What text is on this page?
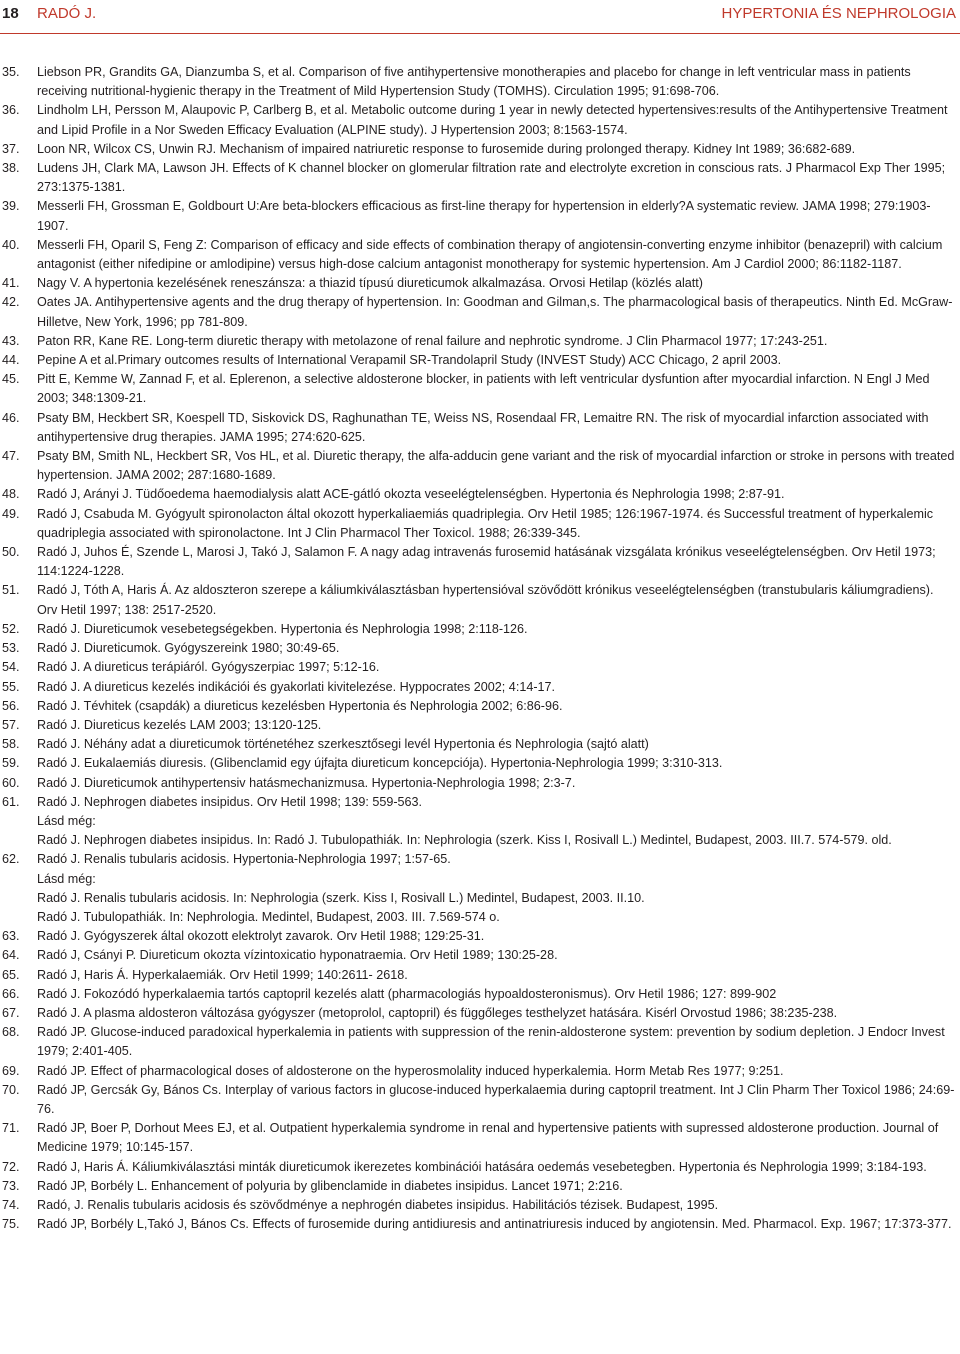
18 RADÓ J.	HYPERTONIA ÉS NEPHROLOGIA
35.	Liebson PR, Grandits GA, Dianzumba S, et al. Comparison of five antihypertensive monotherapies and placebo for change in left ventricular mass in patients receiving nutritional-hygienic therapy in the Treatment of Mild Hypertension Study (TOMHS). Circulation 1995; 91:698-706.
36.	Lindholm LH, Persson M, Alaupovic P, Carlberg B, et al. Metabolic outcome during 1 year in newly detected hypertensives:results of the Antihypertensive Treatment and Lipid Profile in a Nor Sweden Efficacy Evaluation (ALPINE study). J Hypertension 2003; 8:1563-1574.
37.	Loon NR, Wilcox CS, Unwin RJ. Mechanism of impaired natriuretic response to furosemide during prolonged therapy. Kidney Int 1989; 36:682-689.
38.	Ludens JH, Clark MA, Lawson JH. Effects of K channel blocker on glomerular filtration rate and electrolyte excretion in conscious rats. J Pharmacol Exp Ther 1995; 273:1375-1381.
39.	Messerli FH, Grossman E, Goldbourt U:Are beta-blockers efficacious as first-line therapy for hypertension in elderly?A systematic review. JAMA 1998; 279:1903-1907.
40.	Messerli FH, Oparil S, Feng Z: Comparison of efficacy and side effects of combination therapy of angiotensin-converting enzyme inhibitor (benazepril) with calcium antagonist (either nifedipine or amlodipine) versus high-dose calcium antagonist monotherapy for systemic hypertension. Am J Cardiol 2000; 86:1182-1187.
41.	Nagy V. A hypertonia kezelésének reneszánsza: a thiazid típusú diureticumok alkalmazása. Orvosi Hetilap (közlés alatt)
42.	Oates JA. Antihypertensive agents and the drug therapy of hypertension. In: Goodman and Gilman,s. The pharmacological basis of therapeutics. Ninth Ed. McGraw-Hilletve, New York, 1996; pp 781-809.
43.	Paton RR, Kane RE. Long-term diuretic therapy with metolazone of renal failure and nephrotic syndrome. J Clin Pharmacol 1977; 17:243-251.
44.	Pepine A et al.Primary outcomes results of International Verapamil SR-Trandolapril Study (INVEST Study) ACC Chicago, 2 april 2003.
45.	Pitt E, Kemme W, Zannad F, et al. Eplerenon, a selective aldosterone blocker, in patients with left ventricular dysfuntion after myocardial infarction. N Engl J Med 2003; 348:1309-21.
46.	Psaty BM, Heckbert SR, Koespell TD, Siskovick DS, Raghunathan TE, Weiss NS, Rosendaal FR, Lemaitre RN. The risk of myocardial infarction associated with antihypertensive drug therapies. JAMA 1995; 274:620-625.
47.	Psaty BM, Smith NL, Heckbert SR, Vos HL, et al. Diuretic therapy, the alfa-adducin gene variant and the risk of myocardial infarction or stroke in persons with treated hypertension. JAMA 2002; 287:1680-1689.
48.	Radó J, Arányi J. Tüdőoedema haemodialysis alatt ACE-gátló okozta veseelégtelenségben. Hypertonia és Nephrologia 1998; 2:87-91.
49.	Radó J, Csabuda M. Gyógyult spironolacton által okozott hyperkaliaemiás quadriplegia. Orv Hetil 1985; 126:1967-1974. és Successful treatment of hyperkalemic quadriplegia associated with spironolactone. Int J Clin Pharmacol Ther Toxicol. 1988; 26:339-345.
50.	Radó J, Juhos É, Szende L, Marosi J, Takó J, Salamon F. A nagy adag intravenás furosemid hatásának vizsgálata krónikus veseelégtelenségben. Orv Hetil 1973; 114:1224-1228.
51.	Radó J, Tóth A, Haris Á. Az aldoszteron szerepe a káliumkiválasztásban hypertensióval szövődött krónikus veseelégtelenségben (transtubularis káliumgradiens). Orv Hetil 1997; 138: 2517-2520.
52.	Radó J. Diureticumok vesebetegségekben. Hypertonia és Nephrologia 1998; 2:118-126.
53.	Radó J. Diureticumok. Gyógyszereink 1980; 30:49-65.
54.	Radó J. A diureticus terápiáról. Gyógyszerpiac 1997; 5:12-16.
55.	Radó J. A diureticus kezelés indikációi és gyakorlati kivitelezése. Hyppocrates 2002; 4:14-17.
56.	Radó J. Tévhitek (csapdák) a diureticus kezelésben Hypertonia és Nephrologia 2002; 6:86-96.
57.	Radó J. Diureticus kezelés LAM 2003; 13:120-125.
58.	Radó J. Néhány adat a diureticumok történetéhez szerkesztősegi levél Hypertonia és Nephrologia (sajtó alatt)
59.	Radó J. Eukalaemiás diuresis. (Glibenclamid egy újfajta diureticum koncepciója). Hypertonia-Nephrologia 1999; 3:310-313.
60.	Radó J. Diureticumok antihypertensiv hatásmechanizmusa. Hypertonia-Nephrologia 1998; 2:3-7.
61.	Radó J. Nephrogen diabetes insipidus. Orv Hetil 1998; 139: 559-563.
Lásd még:
Radó J. Nephrogen diabetes insipidus. In: Radó J. Tubulopathiák. In: Nephrologia (szerk. Kiss I, Rosivall L.) Medintel, Budapest, 2003. III.7. 574-579. old.
62.	Radó J. Renalis tubularis acidosis. Hypertonia-Nephrologia 1997; 1:57-65.
Lásd még:
Radó J. Renalis tubularis acidosis. In: Nephrologia (szerk. Kiss I, Rosivall L.) Medintel, Budapest, 2003. II.10.
Radó J. Tubulopathiák. In: Nephrologia. Medintel, Budapest, 2003. III. 7.569-574 o.
63.	Radó J. Gyógyszerek által okozott elektrolyt zavarok. Orv Hetil 1988; 129:25-31.
64.	Radó J, Csányi P. Diureticum okozta vízintoxicatio hyponatraemia. Orv Hetil 1989; 130:25-28.
65.	Radó J, Haris Á. Hyperkalaemiák. Orv Hetil 1999; 140:2611- 2618.
66.	Radó J. Fokozódó hyperkalaemia tartós captopril kezelés alatt (pharmacologiás hypoaldosteronismus). Orv Hetil 1986; 127: 899-902
67.	Radó J. A plasma aldosteron változása gyógyszer (metoprolol, captopril) és függőleges testhelyzet hatására. Kisérl Orvostud 1986; 38:235-238.
68.	Radó JP. Glucose-induced paradoxical hyperkalemia in patients with suppression of the renin-aldosterone system: prevention by sodium depletion. J Endocr Invest 1979; 2:401-405.
69.	Radó JP. Effect of pharmacological doses of aldosterone on the hyperosmolality induced hyperkalemia. Horm Metab Res 1977; 9:251.
70.	Radó JP, Gercsák Gy, Bános Cs. Interplay of various factors in glucose-induced hyperkalaemia during captopril treatment. Int J Clin Pharm Ther Toxicol 1986; 24:69-76.
71.	Radó JP, Boer P, Dorhout Mees EJ, et al. Outpatient hyperkalemia syndrome in renal and hypertensive patients with supressed aldosterone production. Journal of Medicine 1979; 10:145-157.
72.	Radó J, Haris Á. Káliumkiválasztási minták diureticumok ikerezetes kombinációi hatására oedemás vesebetegben. Hypertonia és Nephrologia 1999; 3:184-193.
73.	Radó JP, Borbély L. Enhancement of polyuria by glibenclamide in diabetes insipidus. Lancet 1971; 2:216.
74.	Radó, J. Renalis tubularis acidosis és szövődménye a nephrogén diabetes insipidus. Habilitációs tézisek. Budapest, 1995.
75.	Radó JP, Borbély L,Takó J, Bános Cs. Effects of furosemide during antidiuresis and antinatriuresis induced by angiotensin. Med. Pharmacol. Exp. 1967; 17:373-377.
